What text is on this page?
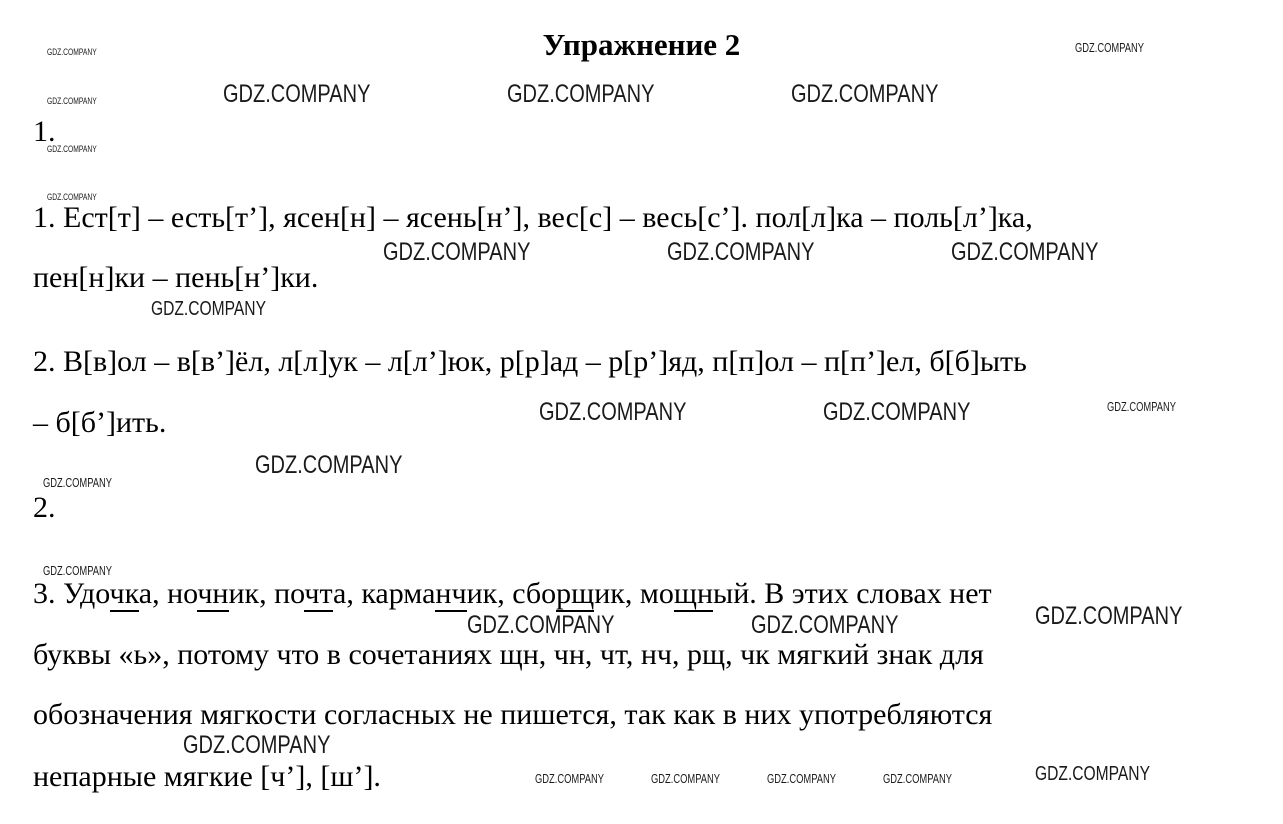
Упражнение 2
1.
1. Ест[т] – есть[т’], ясен[н] – ясень[н’], вес[с] – весь[с’]. пол[л]ка – поль[л’]ка,
пен[н]ки – пень[н’]ки.
2. В[в]ол – в[в’]ёл, л[л]ук – л[л’]юк, р[р]ад – р[р’]яд, п[п]ол – п[п’]ел, б[б]ыть
– б[б’]ить.
2.
3. Удочка, ночник, почта, карманчик, сборщик, мощный. В этих словах нет
буквы «ь», потому что в сочетаниях щн, чн, чт, нч, рщ, чк мягкий знак для
обозначения мягкости согласных не пишется, так как в них употребляются
непарные мягкие [ч’], [ш’].
GDZ.COMPANY	GDZ.COMPANY
GDZ.COMPANY	GDZ.COMPANY	GDZ.COMPANY
GDZ.COMPANY
GDZ.COMPANY
GDZ.COMPANY
GDZ.COMPANY	GDZ.COMPANY	GDZ.COMPANY
GDZ.COMPANY
GDZ.COMPANY	GDZ.COMPANY	GDZ.COMPANY
GDZ.COMPANY
GDZ.COMPANY
GDZ.COMPANY
GDZ.COMPANY	GDZ.COMPANY	GDZ.COMPANY
GDZ.COMPANY
GDZ.COMPANY	GDZ.COMPANY	GDZ.COMPANY	GDZ.COMPANY	GDZ.COMPANY
